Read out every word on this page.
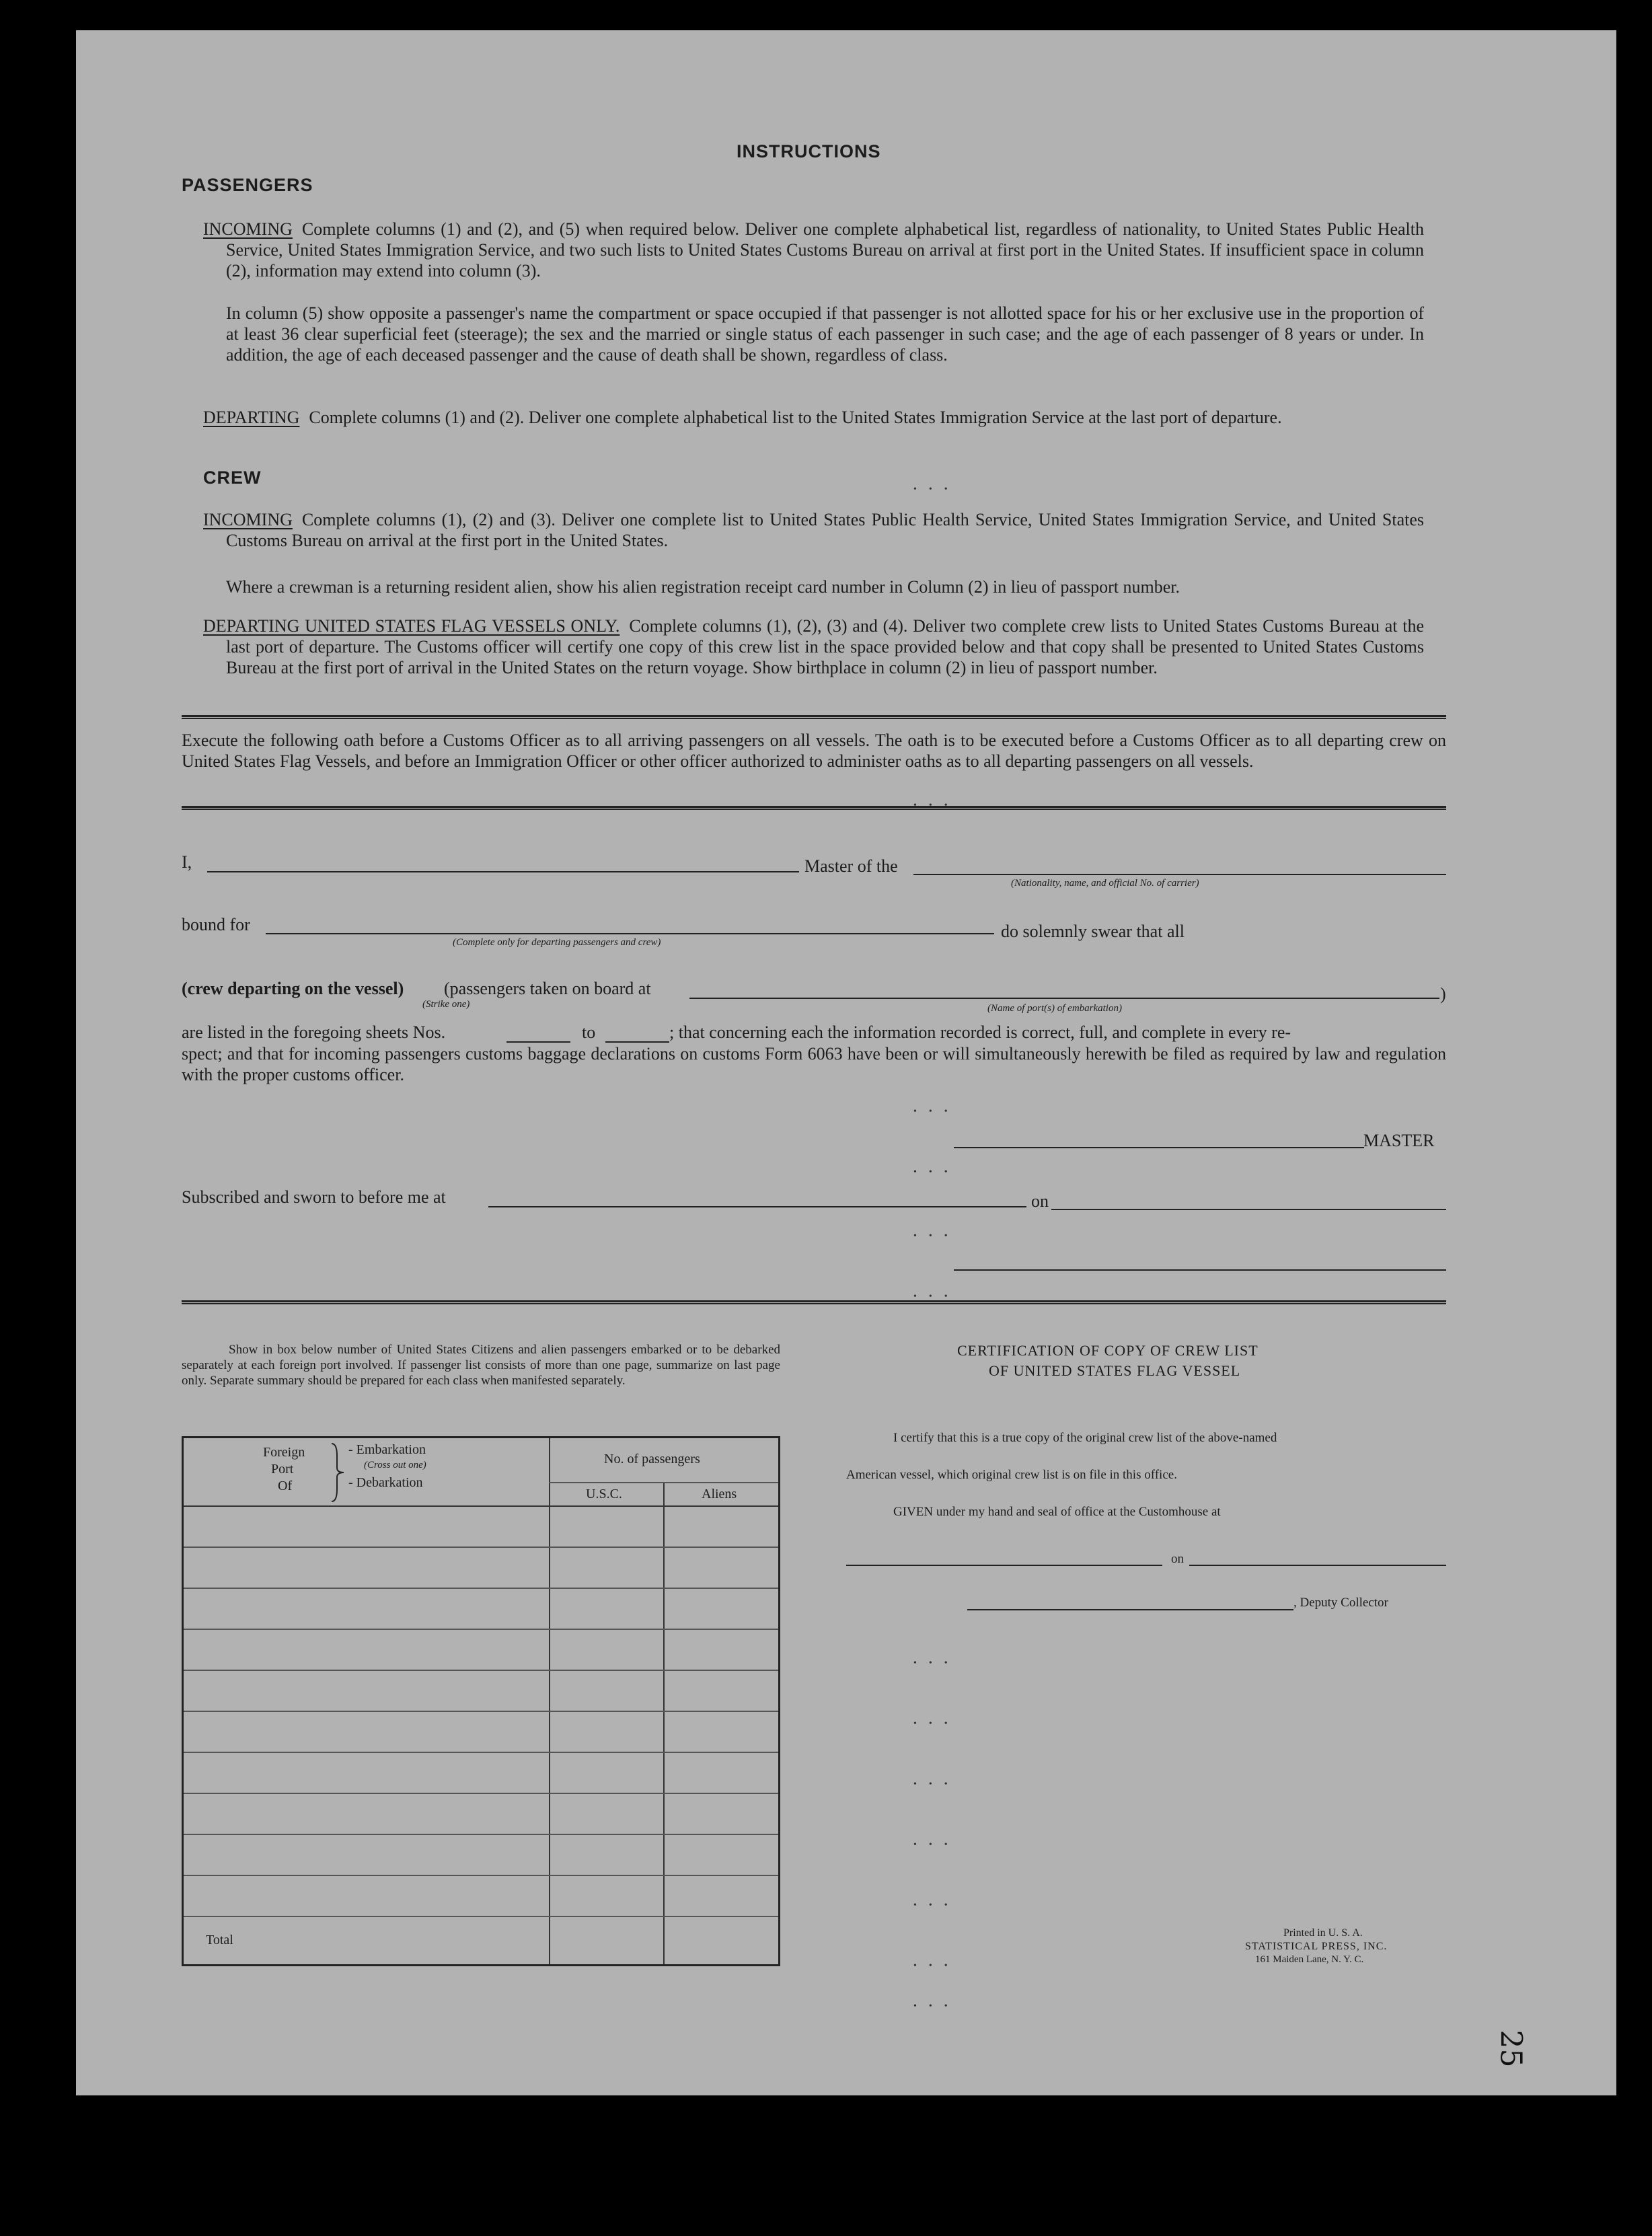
INSTRUCTIONS
PASSENGERS
INCOMING Complete columns (1) and (2), and (5) when required below. Deliver one complete alphabetical list, regardless of nationality, to United States Public Health Service, United States Immigration Service, and two such lists to United States Customs Bureau on arrival at first port in the United States. If insufficient space in column (2), information may extend into column (3).
In column (5) show opposite a passenger's name the compartment or space occupied if that passenger is not allotted space for his or her exclusive use in the proportion of at least 36 clear superficial feet (steerage); the sex and the married or single status of each passenger in such case; and the age of each passenger of 8 years or under. In addition, the age of each deceased passenger and the cause of death shall be shown, regardless of class.
DEPARTING Complete columns (1) and (2). Deliver one complete alphabetical list to the United States Immigration Service at the last port of departure.
CREW
INCOMING Complete columns (1), (2) and (3). Deliver one complete list to United States Public Health Service, United States Immigration Service, and United States Customs Bureau on arrival at the first port in the United States.
Where a crewman is a returning resident alien, show his alien registration receipt card number in Column (2) in lieu of passport number.
DEPARTING UNITED STATES FLAG VESSELS ONLY. Complete columns (1), (2), (3) and (4). Deliver two complete crew lists to United States Customs Bureau at the last port of departure. The Customs officer will certify one copy of this crew list in the space provided below and that copy shall be presented to United States Customs Bureau at the first port of arrival in the United States on the return voyage. Show birthplace in column (2) in lieu of passport number.
Execute the following oath before a Customs Officer as to all arriving passengers on all vessels. The oath is to be executed before a Customs Officer as to all departing crew on United States Flag Vessels, and before an Immigration Officer or other officer authorized to administer oaths as to all departing passengers on all vessels.
I,	Master of the
(Nationality, name, and official No. of carrier)
bound for
(Complete only for departing passengers and crew)
do solemnly swear that all
(crew departing on the vessel) (passengers taken on board at
(Strike one)
)
(Name of port(s) of embarkation)
are listed in the foregoing sheets Nos.	to	; that concerning each the information recorded is correct, full, and complete in every re-
spect; and that for incoming passengers customs baggage declarations on customs Form 6063 have been or will simultaneously herewith be filed as required by law and regulation with the proper customs officer.
MASTER
Subscribed and sworn to before me at	on
Show in box below number of United States Citizens and alien passengers embarked or to be debarked separately at each foreign port involved. If passenger list consists of more than one page, summarize on last page only. Separate summary should be prepared for each class when manifested separately.
Foreign
Port
Of
- Embarkation
(Cross out one)
- Debarkation
No. of passengers
U.S.C.	Aliens
Total
CERTIFICATION OF COPY OF CREW LIST
OF UNITED STATES FLAG VESSEL
I certify that this is a true copy of the original crew list of the above-named
American vessel, which original crew list is on file in this office.
GIVEN under my hand and seal of office at the Customhouse at
on
, Deputy Collector
•••
•••
•••
•••
•••
•••
•••
•••
•••
•••
•••
•••
•••
Printed in U. S. A.
STATISTICAL PRESS, INC.
161 Maiden Lane, N. Y. C.
25
